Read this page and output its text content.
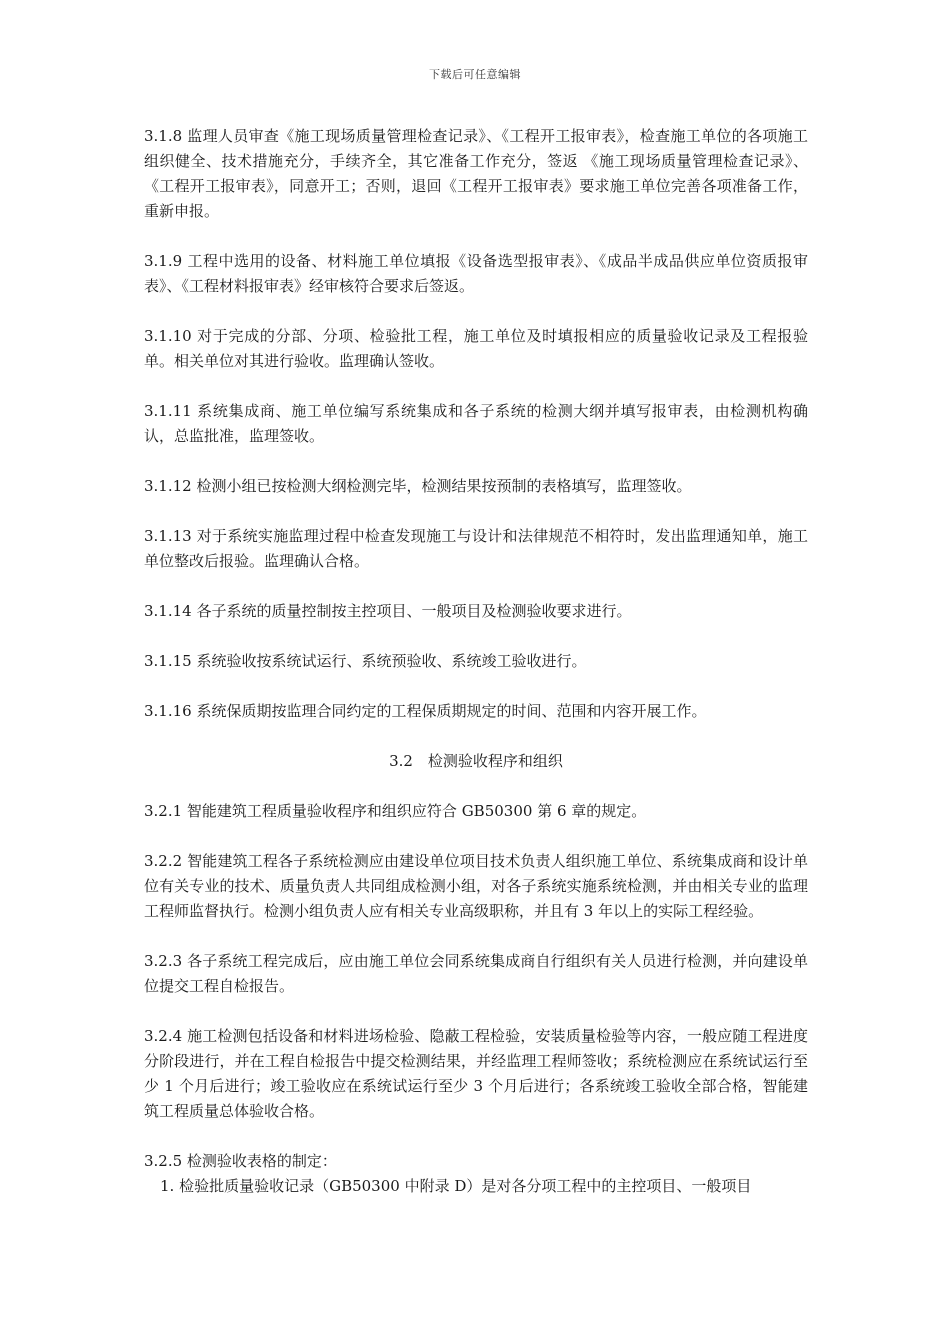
下载后可任意编辑

3.1.8 监理人员审查《施工现场质量管理检查记录》、《工程开工报审表》，检查施工单位的各项施工组织健全、技术措施充分，手续齐全，其它准备工作充分，签返 《施工现场质量管理检查记录》、《工程开工报审表》，同意开工；否则，退回《工程开工报审表》要求施工单位完善各项准备工作，重新申报。

3.1.9 工程中选用的设备、材料施工单位填报《设备选型报审表》、《成品半成品供应单位资质报审表》、《工程材料报审表》经审核符合要求后签返。

3.1.10 对于完成的分部、分项、检验批工程，施工单位及时填报相应的质量验收记录及工程报验单。相关单位对其进行验收。监理确认签收。

3.1.11 系统集成商、施工单位编写系统集成和各子系统的检测大纲并填写报审表，由检测机构确认，总监批准，监理签收。

3.1.12 检测小组已按检测大纲检测完毕，检测结果按预制的表格填写，监理签收。

3.1.13 对于系统实施监理过程中检查发现施工与设计和法律规范不相符时，发出监理通知单，施工单位整改后报验。监理确认合格。

3.1.14 各子系统的质量控制按主控项目、一般项目及检测验收要求进行。

3.1.15 系统验收按系统试运行、系统预验收、系统竣工验收进行。

3.1.16 系统保质期按监理合同约定的工程保质期规定的时间、范围和内容开展工作。

3.2　检测验收程序和组织

3.2.1 智能建筑工程质量验收程序和组织应符合 GB50300 第 6 章的规定。

3.2.2 智能建筑工程各子系统检测应由建设单位项目技术负责人组织施工单位、系统集成商和设计单位有关专业的技术、质量负责人共同组成检测小组，对各子系统实施系统检测，并由相关专业的监理工程师监督执行。检测小组负责人应有相关专业高级职称，并且有 3 年以上的实际工程经验。

3.2.3 各子系统工程完成后，应由施工单位会同系统集成商自行组织有关人员进行检测，并向建设单位提交工程自检报告。

3.2.4 施工检测包括设备和材料进场检验、隐蔽工程检验，安装质量检验等内容，一般应随工程进度分阶段进行，并在工程自检报告中提交检测结果，并经监理工程师签收；系统检测应在系统试运行至少 1 个月后进行；竣工验收应在系统试运行至少 3 个月后进行；各系统竣工验收全部合格，智能建筑工程质量总体验收合格。

3.2.5 检测验收表格的制定：

1. 检验批质量验收记录（GB50300 中附录 D）是对各分项工程中的主控项目、一般项目
